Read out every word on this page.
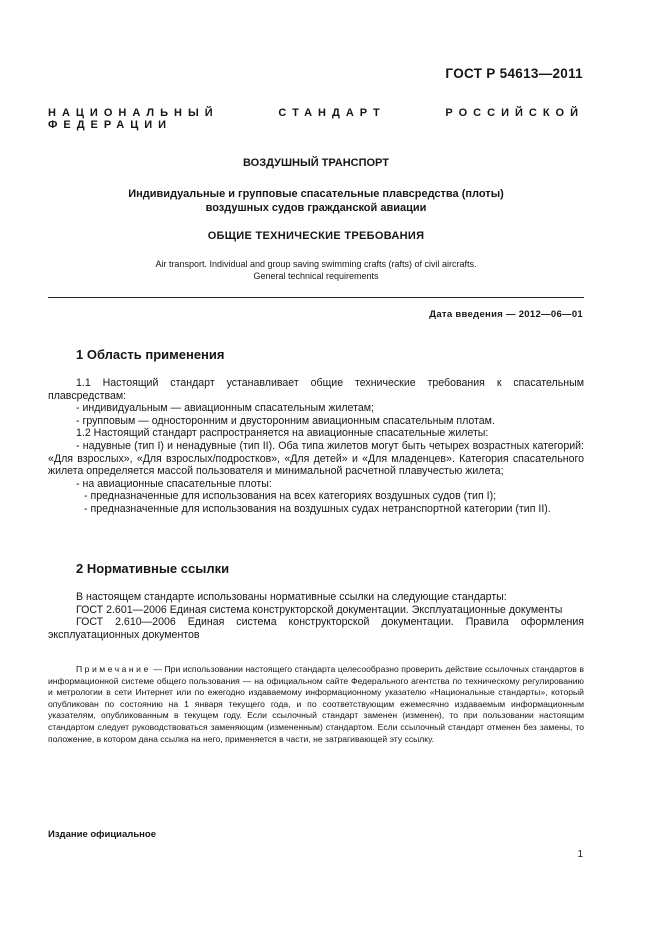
ГОСТ Р 54613—2011
НАЦИОНАЛЬНЫЙ СТАНДАРТ РОССИЙСКОЙ ФЕДЕРАЦИИ
ВОЗДУШНЫЙ ТРАНСПОРТ
Индивидуальные и групповые спасательные плавсредства (плоты)
воздушных судов гражданской авиации
ОБЩИЕ ТЕХНИЧЕСКИЕ ТРЕБОВАНИЯ
Air transport. Individual and group saving swimming crafts (rafts) of civil aircrafts.
General technical requirements
Дата введения — 2012—06—01
1 Область применения

1.1 Настоящий стандарт устанавливает общие технические требования к спасательным плавсредствам:

- индивидуальным — авиационным спасательным жилетам;

- групповым — односторонним и двусторонним авиационным спасательным плотам.

1.2 Настоящий стандарт распространяется на авиационные спасательные жилеты:

- надувные (тип I) и ненадувные (тип II). Оба типа жилетов могут быть четырех возрастных категорий: «Для взрослых», «Для взрослых/подростков», «Для детей» и «Для младенцев». Категория спасательного жилета определяется массой пользователя и минимальной расчетной плавучестью жилета;

- на авиационные спасательные плоты:

- предназначенные для использования на всех категориях воздушных судов (тип I);

- предназначенные для использования на воздушных судах нетранспортной категории (тип II).

2 Нормативные ссылки

В настоящем стандарте использованы нормативные ссылки на следующие стандарты:

ГОСТ 2.601—2006 Единая система конструкторской документации. Эксплуатационные документы

ГОСТ 2.610—2006 Единая система конструкторской документации. Правила оформления эксплуатационных документов

Примечание — При использовании настоящего стандарта целесообразно проверить действие ссылочных стандартов в информационной системе общего пользования — на официальном сайте Федерального агентства по техническому регулированию и метрологии в сети Интернет или по ежегодно издаваемому информационному указателю «Национальные стандарты», который опубликован по состоянию на 1 января текущего года, и по соответствующим ежемесячно издаваемым информационным указателям, опубликованным в текущем году. Если ссылочный стандарт заменен (изменен), то при пользовании настоящим стандартом следует руководствоваться заменяющим (измененным) стандартом. Если ссылочный стандарт отменен без замены, то положение, в котором дана ссылка на него, применяется в части, не затрагивающей эту ссылку.

Издание официальное
1
